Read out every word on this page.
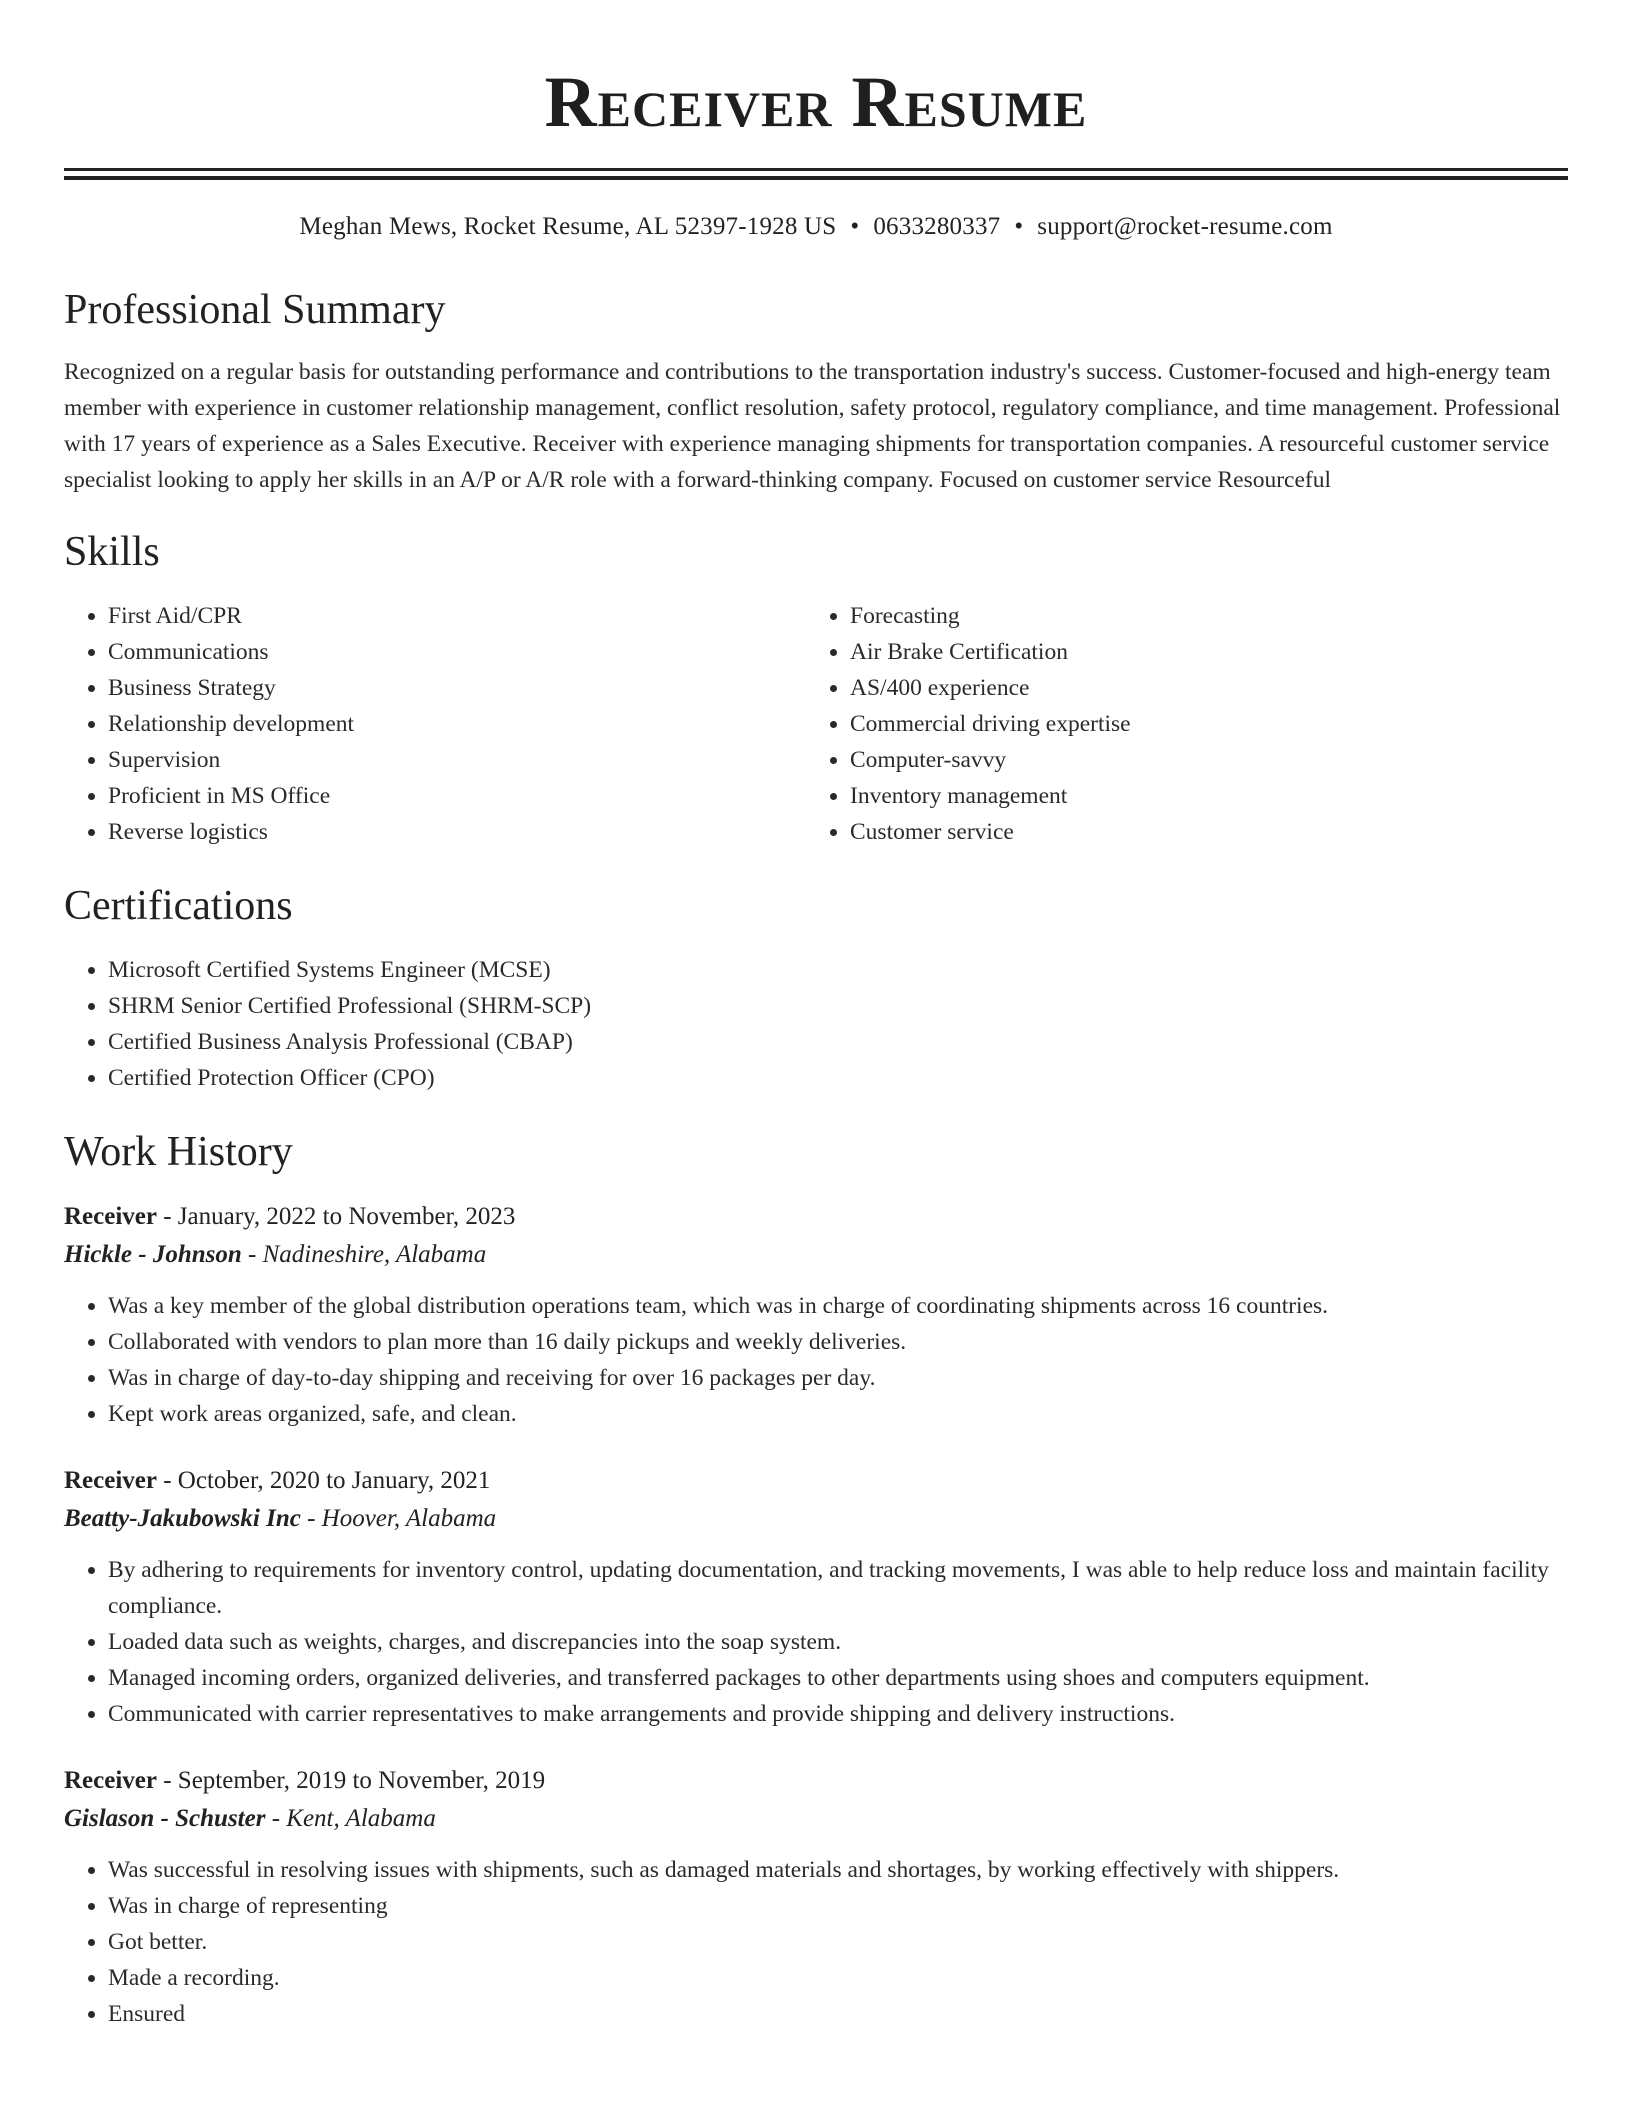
Receiver Resume
Meghan Mews, Rocket Resume, AL 52397-1928 US • 0633280337 • support@rocket-resume.com
Professional Summary

Recognized on a regular basis for outstanding performance and contributions to the transportation industry's success. Customer-focused and high-energy team member with experience in customer relationship management, conflict resolution, safety protocol, regulatory compliance, and time management. Professional with 17 years of experience as a Sales Executive. Receiver with experience managing shipments for transportation companies. A resourceful customer service specialist looking to apply her skills in an A/P or A/R role with a forward-thinking company. Focused on customer service Resourceful

Skills
• First Aid/CPR
• Communications
• Business Strategy
• Relationship development
• Supervision
• Proficient in MS Office
• Reverse logistics
• Forecasting
• Air Brake Certification
• AS/400 experience
• Commercial driving expertise
• Computer-savvy
• Inventory management
• Customer service
Certifications
• Microsoft Certified Systems Engineer (MCSE)
• SHRM Senior Certified Professional (SHRM-SCP)
• Certified Business Analysis Professional (CBAP)
• Certified Protection Officer (CPO)
Work History
Receiver - January, 2022 to November, 2023
Hickle - Johnson - Nadineshire, Alabama
• Was a key member of the global distribution operations team, which was in charge of coordinating shipments across 16 countries.
• Collaborated with vendors to plan more than 16 daily pickups and weekly deliveries.
• Was in charge of day-to-day shipping and receiving for over 16 packages per day.
• Kept work areas organized, safe, and clean.
Receiver - October, 2020 to January, 2021
Beatty-Jakubowski Inc - Hoover, Alabama
• By adhering to requirements for inventory control, updating documentation, and tracking movements, I was able to help reduce loss and maintain facility compliance.
• Loaded data such as weights, charges, and discrepancies into the soap system.
• Managed incoming orders, organized deliveries, and transferred packages to other departments using shoes and computers equipment.
• Communicated with carrier representatives to make arrangements and provide shipping and delivery instructions.
Receiver - September, 2019 to November, 2019
Gislason - Schuster - Kent, Alabama
• Was successful in resolving issues with shipments, such as damaged materials and shortages, by working effectively with shippers.
• Was in charge of representing
• Got better.
• Made a recording.
• Ensured
